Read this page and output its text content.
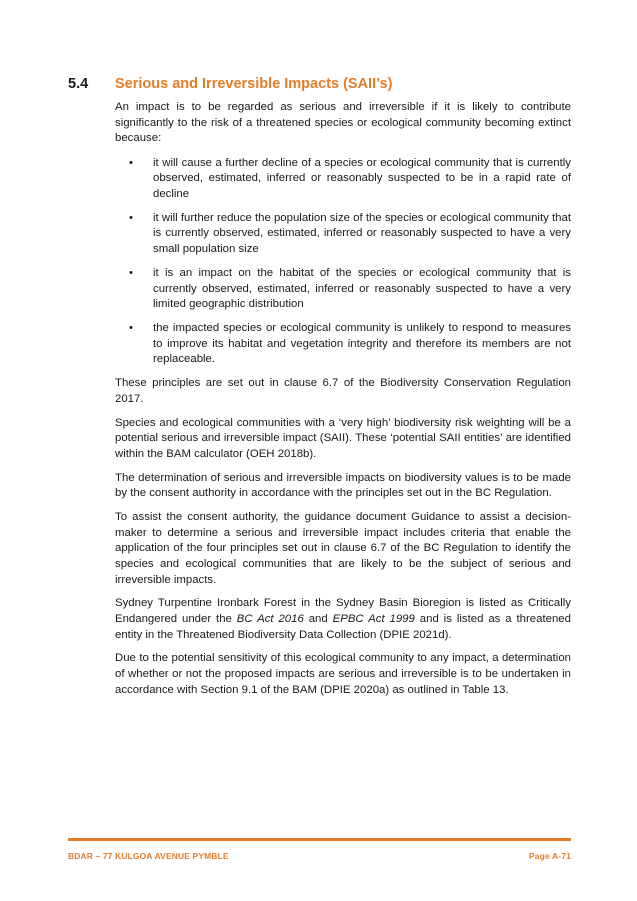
5.4	Serious and Irreversible Impacts (SAII’s)

An impact is to be regarded as serious and irreversible if it is likely to contribute significantly to the risk of a threatened species or ecological community becoming extinct because:

• it will cause a further decline of a species or ecological community that is currently observed, estimated, inferred or reasonably suspected to be in a rapid rate of decline
• it will further reduce the population size of the species or ecological community that is currently observed, estimated, inferred or reasonably suspected to have a very small population size
• it is an impact on the habitat of the species or ecological community that is currently observed, estimated, inferred or reasonably suspected to have a very limited geographic distribution
• the impacted species or ecological community is unlikely to respond to measures to improve its habitat and vegetation integrity and therefore its members are not replaceable.

These principles are set out in clause 6.7 of the Biodiversity Conservation Regulation 2017.

Species and ecological communities with a ‘very high’ biodiversity risk weighting will be a potential serious and irreversible impact (SAII). These ‘potential SAII entities’ are identified within the BAM calculator (OEH 2018b).

The determination of serious and irreversible impacts on biodiversity values is to be made by the consent authority in accordance with the principles set out in the BC Regulation.

To assist the consent authority, the guidance document Guidance to assist a decision-maker to determine a serious and irreversible impact includes criteria that enable the application of the four principles set out in clause 6.7 of the BC Regulation to identify the species and ecological communities that are likely to be the subject of serious and irreversible impacts.

Sydney Turpentine Ironbark Forest in the Sydney Basin Bioregion is listed as Critically Endangered under the BC Act 2016 and EPBC Act 1999 and is listed as a threatened entity in the Threatened Biodiversity Data Collection (DPIE 2021d).

Due to the potential sensitivity of this ecological community to any impact, a determination of whether or not the proposed impacts are serious and irreversible is to be undertaken in accordance with Section 9.1 of the BAM (DPIE 2020a) as outlined in Table 13.

BDAR – 77 KULGOA AVENUE PYMBLE	Page A-71
